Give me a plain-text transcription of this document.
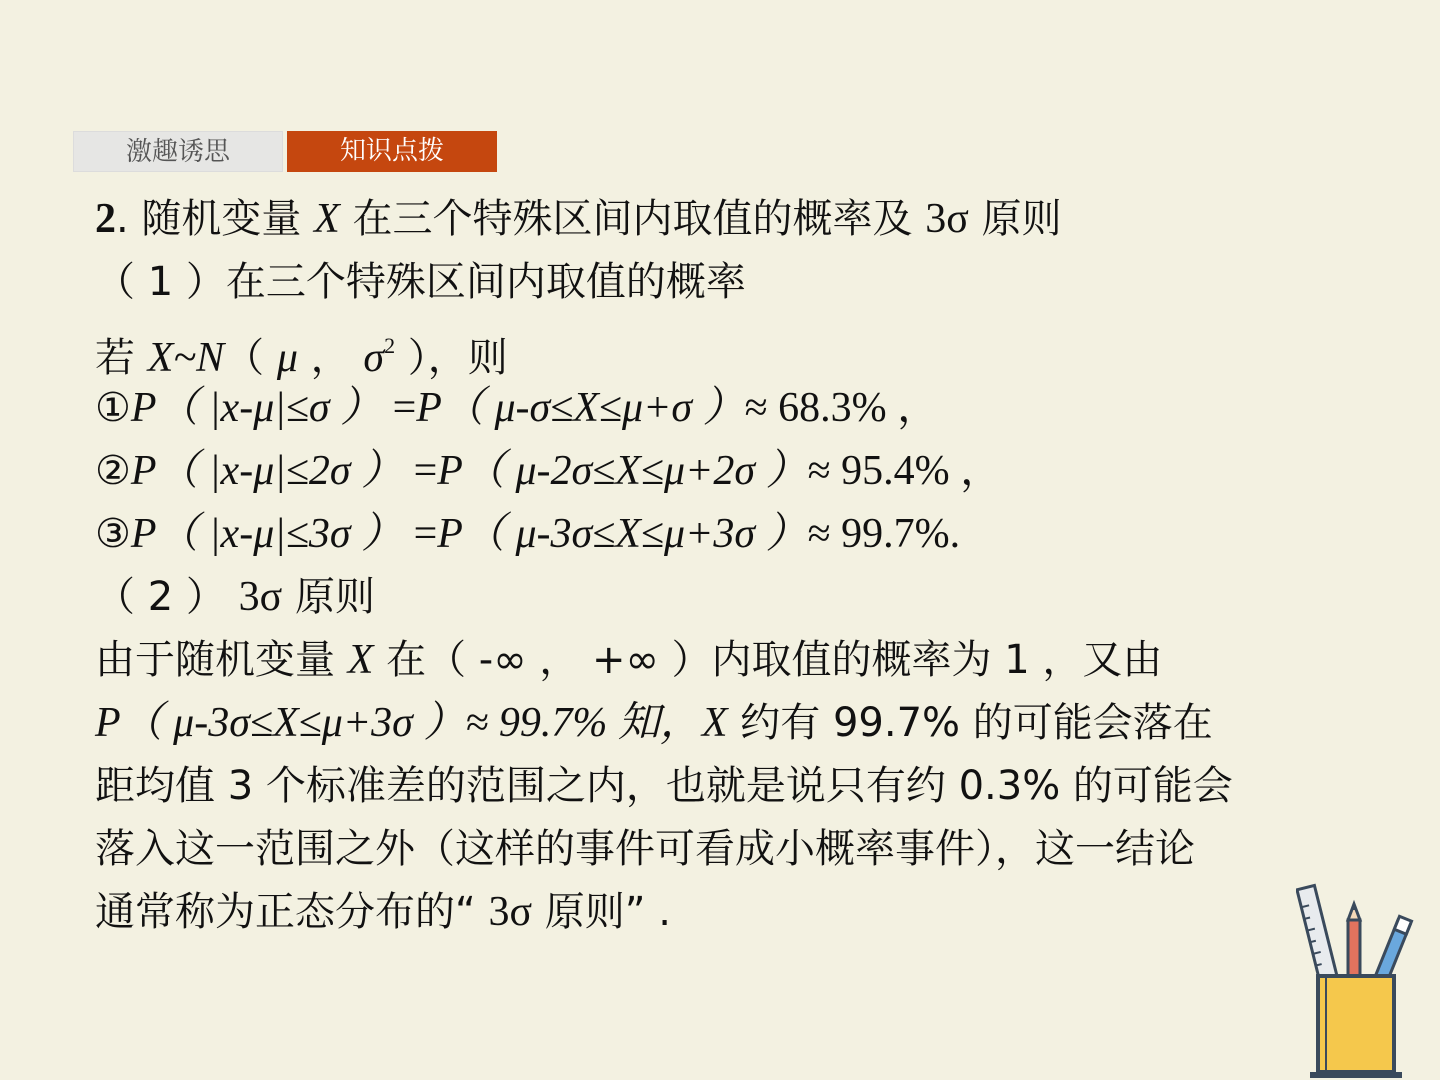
激趣诱思	知识点拨
2. 随机变量 X 在三个特殊区间内取值的概率及 3σ 原则
（ 1 ）在三个特殊区间内取值的概率
若 X~N（ μ ， $\sigma^2$ ），则
①P（ |x-μ|≤σ ） =P（ μ-σ≤X≤μ+σ ）≈ 68.3% ，
②P（ |x-μ|≤2σ ） =P（ μ-2σ≤X≤μ+2σ ）≈ 95.4% ，
③P（ |x-μ|≤3σ ） =P（ μ-3σ≤X≤μ+3σ ）≈ 99.7%.
（ 2 ） 3σ 原则
由于随机变量 X 在（ -∞ ， +∞ ）内取值的概率为 1 ，又由
P（ μ-3σ≤X≤μ+3σ ）≈ 99.7% 知，X 约有 99.7% 的可能会落在
距均值 3 个标准差的范围之内，也就是说只有约 0.3% 的可能会
落入这一范围之外（这样的事件可看成小概率事件），这一结论
通常称为正态分布的“ 3σ 原则” .
